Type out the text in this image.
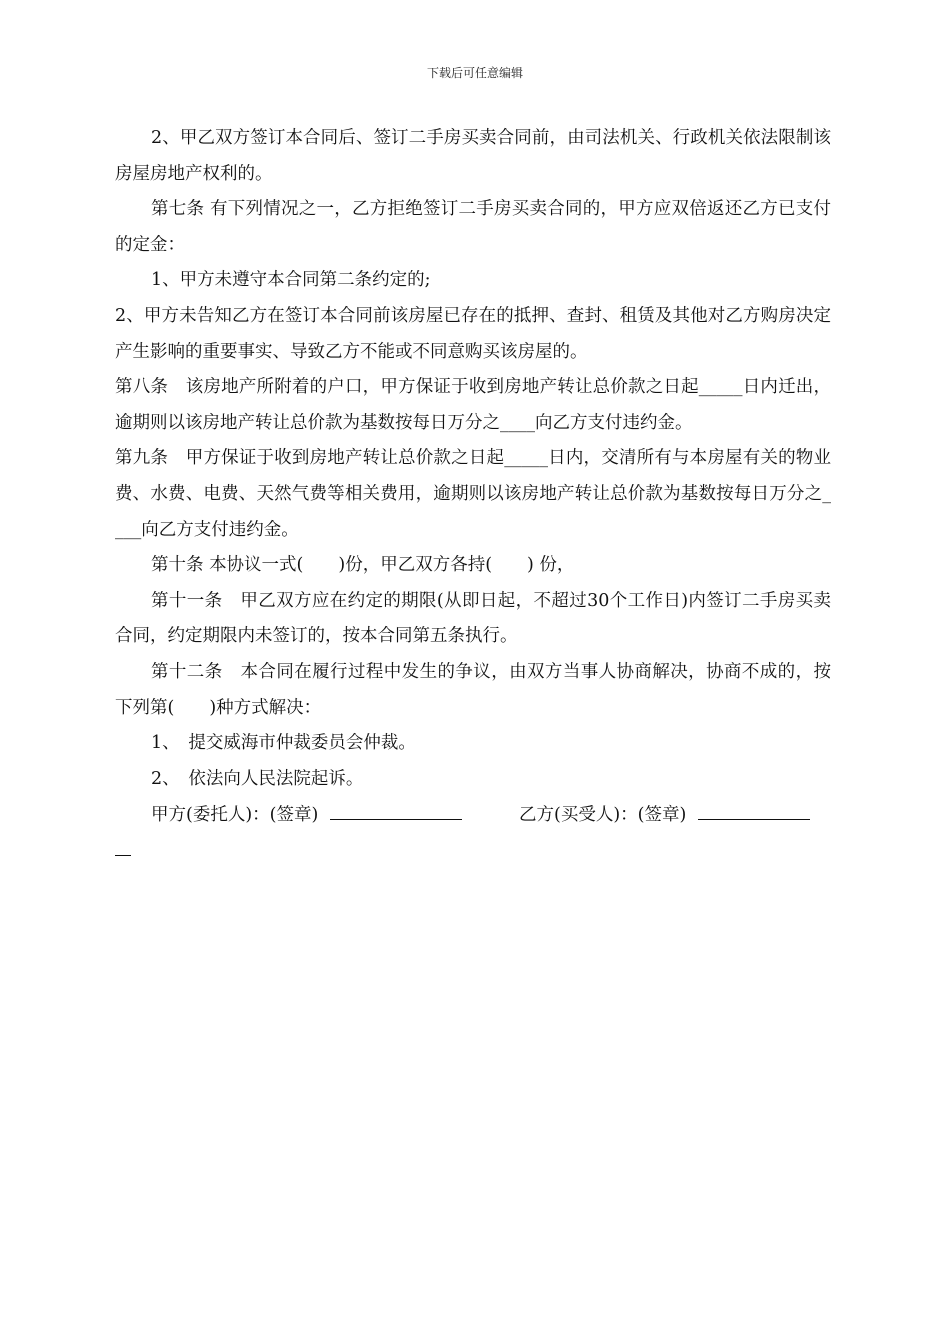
下载后可任意编辑

2、甲乙双方签订本合同后、签订二手房买卖合同前，由司法机关、行政机关依法限制该房屋房地产权利的。

第七条 有下列情况之一，乙方拒绝签订二手房买卖合同的，甲方应双倍返还乙方已支付的定金：

1、甲方未遵守本合同第二条约定的;

2、甲方未告知乙方在签订本合同前该房屋已存在的抵押、查封、租赁及其他对乙方购房决定产生影响的重要事实、导致乙方不能或不同意购买该房屋的。

第八条　该房地产所附着的户口，甲方保证于收到房地产转让总价款之日起_____日内迁出，逾期则以该房地产转让总价款为基数按每日万分之____向乙方支付违约金。

第九条　甲方保证于收到房地产转让总价款之日起_____日内，交清所有与本房屋有关的物业费、水费、电费、天然气费等相关费用，逾期则以该房地产转让总价款为基数按每日万分之____向乙方支付违约金。

第十条 本协议一式(　　)份，甲乙双方各持(　　) 份，

第十一条　甲乙双方应在约定的期限(从即日起，不超过30个工作日)内签订二手房买卖合同，约定期限内未签订的，按本合同第五条执行。

第十二条　本合同在履行过程中发生的争议，由双方当事人协商解决，协商不成的，按下列第(　　)种方式解决：

1、　提交威海市仲裁委员会仲裁。

2、　依法向人民法院起诉。

甲方(委托人)：(签章)

	乙方(买受人)：(签章)
